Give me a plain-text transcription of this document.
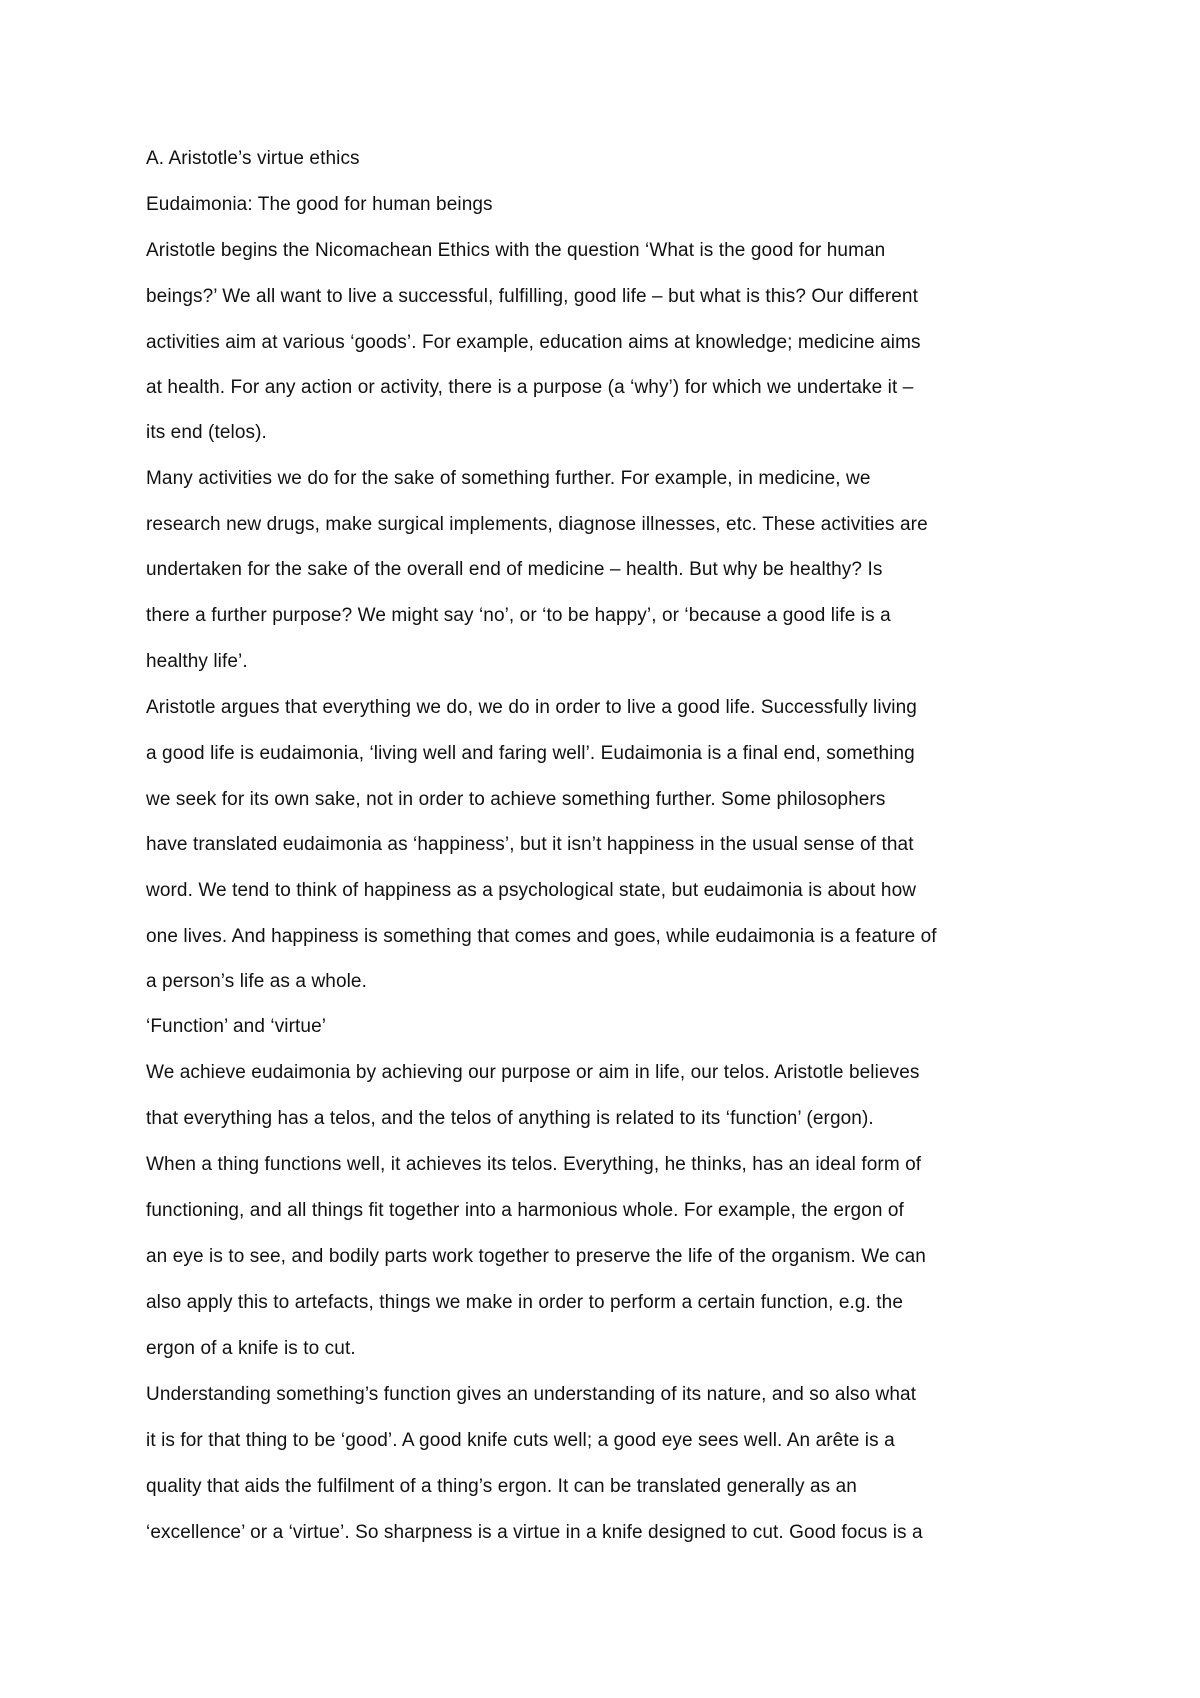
A. Aristotle’s virtue ethics
Eudaimonia: The good for human beings
Aristotle begins the Nicomachean Ethics with the question ‘What is the good for human
beings?’ We all want to live a successful, fulfilling, good life – but what is this? Our different
activities aim at various ‘goods’. For example, education aims at knowledge; medicine aims
at health. For any action or activity, there is a purpose (a ‘why’) for which we undertake it –
its end (telos).
Many activities we do for the sake of something further. For example, in medicine, we
research new drugs, make surgical implements, diagnose illnesses, etc. These activities are
undertaken for the sake of the overall end of medicine – health. But why be healthy? Is
there a further purpose? We might say ‘no’, or ‘to be happy’, or ‘because a good life is a
healthy life’.
Aristotle argues that everything we do, we do in order to live a good life. Successfully living
a good life is eudaimonia, ‘living well and faring well’. Eudaimonia is a final end, something
we seek for its own sake, not in order to achieve something further. Some philosophers
have translated eudaimonia as ‘happiness’, but it isn’t happiness in the usual sense of that
word. We tend to think of happiness as a psychological state, but eudaimonia is about how
one lives. And happiness is something that comes and goes, while eudaimonia is a feature of
a person’s life as a whole.
‘Function’ and ‘virtue’
We achieve eudaimonia by achieving our purpose or aim in life, our telos. Aristotle believes
that everything has a telos, and the telos of anything is related to its ‘function’ (ergon).
When a thing functions well, it achieves its telos. Everything, he thinks, has an ideal form of
functioning, and all things fit together into a harmonious whole. For example, the ergon of
an eye is to see, and bodily parts work together to preserve the life of the organism. We can
also apply this to artefacts, things we make in order to perform a certain function, e.g. the
ergon of a knife is to cut.
Understanding something’s function gives an understanding of its nature, and so also what
it is for that thing to be ‘good’. A good knife cuts well; a good eye sees well. An arête is a
quality that aids the fulfilment of a thing’s ergon. It can be translated generally as an
‘excellence’ or a ‘virtue’. So sharpness is a virtue in a knife designed to cut. Good focus is a
